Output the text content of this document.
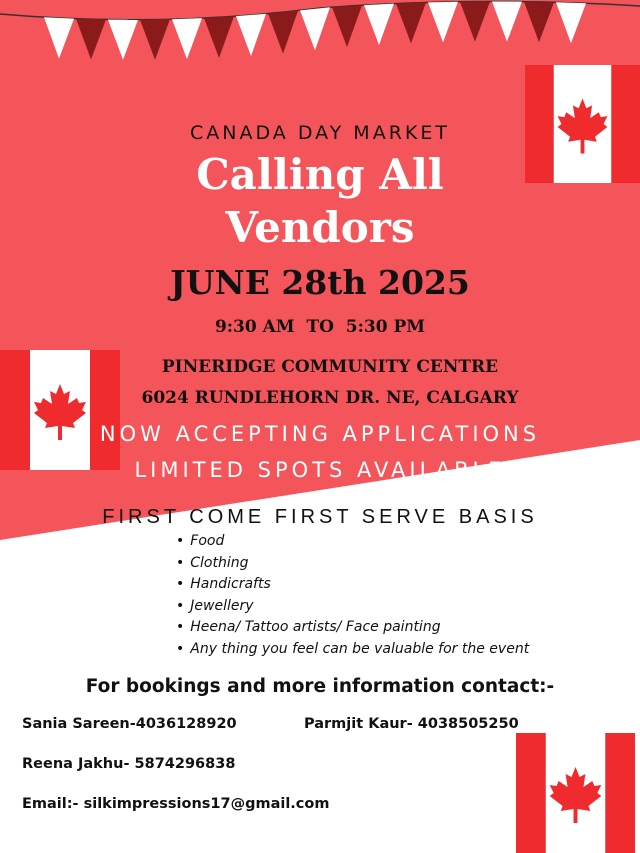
CANADA DAY MARKET

Calling All

Vendors

JUNE 28th 2025

9:30 AM  TO  5:30 PM

PINERIDGE COMMUNITY CENTRE

6024 RUNDLEHORN DR. NE, CALGARY

NOW ACCEPTING APPLICATIONS

LIMITED SPOTS AVAILABLE

FIRST COME FIRST SERVE BASIS

• Food
• Clothing
• Handicrafts
• Jewellery
• Heena/ Tattoo artists/ Face painting
• Any thing you feel can be valuable for the event

For bookings and more information contact:-

Sania Sareen-4036128920	Parmjit Kaur- 4038505250

Reena Jakhu- 5874296838

Email:- silkimpressions17@gmail.com
